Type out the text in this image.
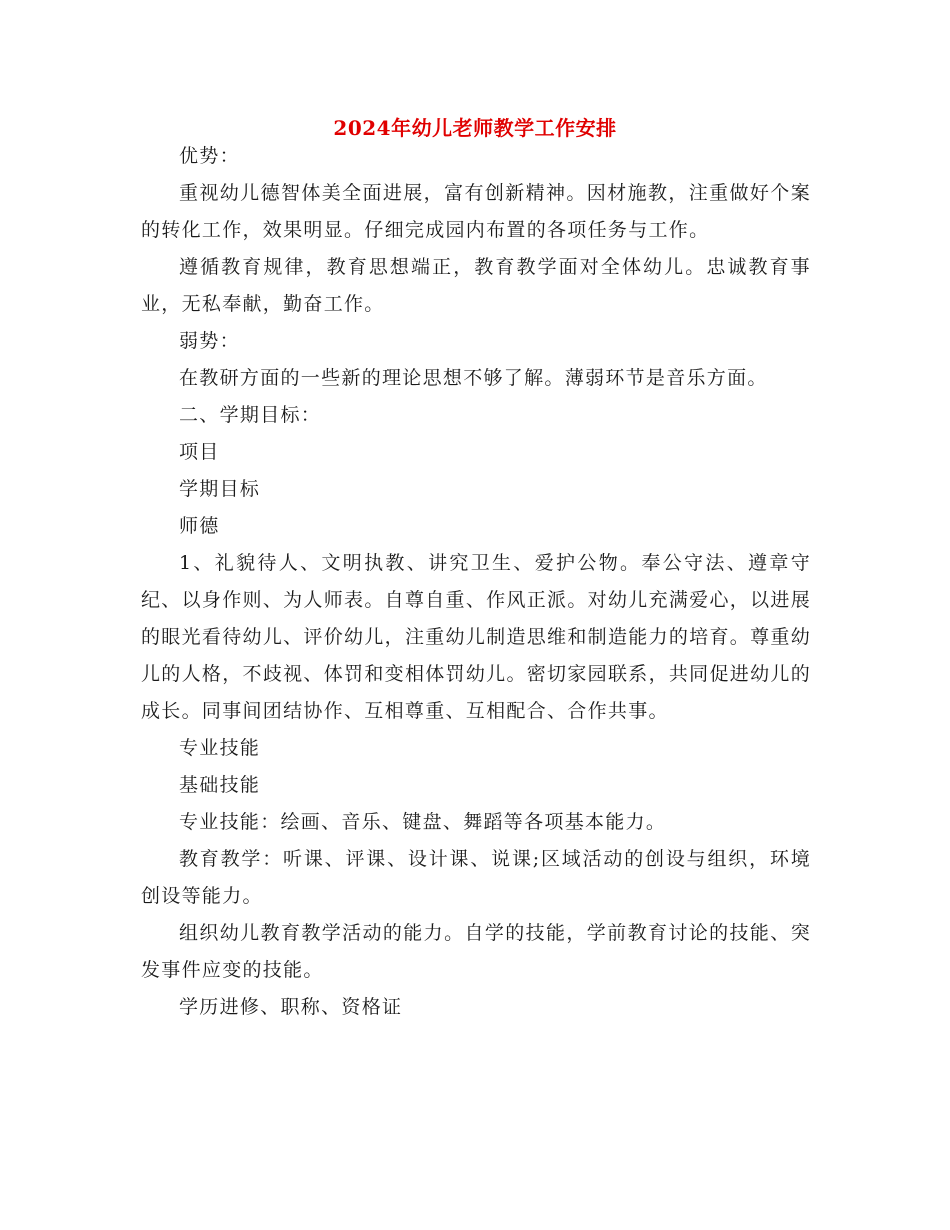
2024年幼儿老师教学工作安排

优势：

重视幼儿德智体美全面进展，富有创新精神。因材施教，注重做好个案的转化工作，效果明显。仔细完成园内布置的各项任务与工作。

遵循教育规律，教育思想端正，教育教学面对全体幼儿。忠诚教育事业，无私奉献，勤奋工作。

弱势：

在教研方面的一些新的理论思想不够了解。薄弱环节是音乐方面。

二、学期目标：

项目

学期目标

师德

1、礼貌待人、文明执教、讲究卫生、爱护公物。奉公守法、遵章守纪、以身作则、为人师表。自尊自重、作风正派。对幼儿充满爱心，以进展的眼光看待幼儿、评价幼儿，注重幼儿制造思维和制造能力的培育。尊重幼儿的人格，不歧视、体罚和变相体罚幼儿。密切家园联系，共同促进幼儿的成长。同事间团结协作、互相尊重、互相配合、合作共事。

专业技能

基础技能

专业技能：绘画、音乐、键盘、舞蹈等各项基本能力。

教育教学：听课、评课、设计课、说课;区域活动的创设与组织，环境创设等能力。

组织幼儿教育教学活动的能力。自学的技能，学前教育讨论的技能、突发事件应变的技能。

学历进修、职称、资格证
